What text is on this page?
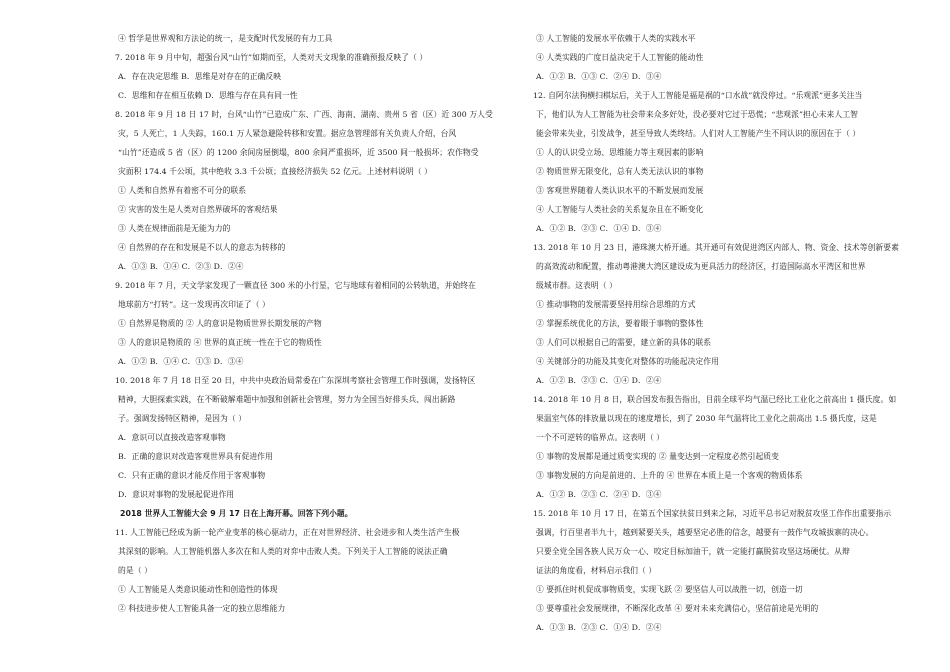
④ 哲学是世界观和方法论的统一，是支配时代发展的有力工具
7. 2018 年 9 月中旬，超强台风“山竹”如期而至，人类对天文现象的准确预报反映了（ ）
A．存在决定思维 B．思维是对存在的正确反映
C．思维和存在相互依赖 D．思维与存在具有同一性
8. 2018 年 9 月 18 日 17 时，台风“山竹”已造成广东、广西、海南、湖南、贵州 5 省（区）近 300 万人受
灾，5 人死亡，1 人失踪，160.1 万人紧急避险转移和安置。据应急管理部有关负责人介绍，台风
“山竹”还造成 5 省（区）的 1200 余间房屋倒塌，800 余间严重损坏，近 3500 间一般损坏；农作物受
灾面积 174.4 千公顷，其中绝收 3.3 千公顷；直接经济损失 52 亿元。上述材料说明（ ）
① 人类和自然界有着密不可分的联系
② 灾害的发生是人类对自然界破坏的客观结果
③ 人类在规律面前是无能为力的
④ 自然界的存在和发展是不以人的意志为转移的
A．①③ B．①④ C．②③ D．②④
9. 2018 年 7 月，天文学家发现了一颗直径 300 米的小行星，它与地球有着相同的公转轨道，并始终在
地球前方“打转”。这一发现再次印证了（ ）
① 自然界是物质的 ② 人的意识是物质世界长期发展的产物
③ 人的意识是物质的 ④ 世界的真正统一性在于它的物质性
A．①② B．①④ C．①③ D．③④
10. 2018 年 7 月 18 日至 20 日，中共中央政治局常委在广东深圳考察社会管理工作时强调，发扬特区
精神，大胆探索实践，在不断破解难题中加强和创新社会管理，努力为全国当好排头兵、闯出新路
子。强调发扬特区精神，是因为（ ）
A．意识可以直接改造客观事物
B．正确的意识对改造客观世界具有促进作用
C．只有正确的意识才能反作用于客观事物
D．意识对事物的发展起促进作用
2018 世界人工智能大会 9 月 17 日在上海开幕。回答下列小题。
11. 人工智能已经成为新一轮产业变革的核心驱动力，正在对世界经济、社会进步和人类生活产生极
其深刻的影响。人工智能机器人多次在和人类的对弈中击败人类。下列关于人工智能的说法正确
的是（ ）
① 人工智能是人类意识能动性和创造性的体现
② 科技进步使人工智能具备一定的独立思维能力
③ 人工智能的发展水平依赖于人类的实践水平
④ 人类实践的广度日益决定于人工智能的能动性
A．①② B．①③ C．②④ D．③④
12. 自阿尔法狗横扫棋坛后，关于人工智能是福是祸的“口水战”就没停过。“乐观派”更多关注当
下，他们认为人工智能为社会带来众多好处，没必要对它过于恐慌；“悲观派”担心未来人工智
能会带来失业，引发战争，甚至导致人类终结。人们对人工智能产生不同认识的原因在于（ ）
① 人的认识受立场、思维能力等主观因素的影响
② 物质世界无限变化，总有人类无法认识的事物
③ 客观世界随着人类认识水平的不断发展而发展
④ 人工智能与人类社会的关系复杂且在不断变化
A．①② B．②③ C．①④ D．③④
13. 2018 年 10 月 23 日，港珠澳大桥开通。其开通可有效促进湾区内部人、物、资金、技术等创新要素
的高效流动和配置，推动粤港澳大湾区建设成为更具活力的经济区，打造国际高水平湾区和世界
级城市群。这表明（ ）
① 推动事物的发展需要坚持用综合思维的方式
② 掌握系统优化的方法，要着眼于事物的整体性
③ 人们可以根据自己的需要，建立新的具体的联系
④ 关键部分的功能及其变化对整体的功能起决定作用
A．①② B．②③ C．①④ D．②④
14. 2018 年 10 月 8 日，联合国发布报告指出，目前全球平均气温已经比工业化之前高出 1 摄氏度。如
果温室气体的排放量以现在的速度增长，到了 2030 年气温将比工业化之前高出 1.5 摄氏度，这是
一个不可逆转的临界点。这表明（ ）
① 事物的发展都是通过质变实现的 ② 量变达到一定程度必然引起质变
③ 事物发展的方向是前进的、上升的 ④ 世界在本质上是一个客观的物质体系
A．①② B．②③ C．②④ D．③④
15. 2018 年 10 月 17 日，在第五个国家扶贫日到来之际，习近平总书记对脱贫攻坚工作作出重要指示
强调，行百里者半九十，越到紧要关头，越要坚定必胜的信念，越要有一鼓作气攻城拔寨的决心。
只要全党全国各族人民万众一心、咬定目标加油干，就一定能打赢脱贫攻坚这场硬仗。从辩
证法的角度看，材料启示我们（ ）
① 要抓住时机促成事物质变，实现飞跃 ② 要坚信人可以战胜一切，创造一切
③ 要尊重社会发展规律，不断深化改革 ④ 要对未来充满信心，坚信前途是光明的
A．①③ B．②③ C．①④ D．②④
